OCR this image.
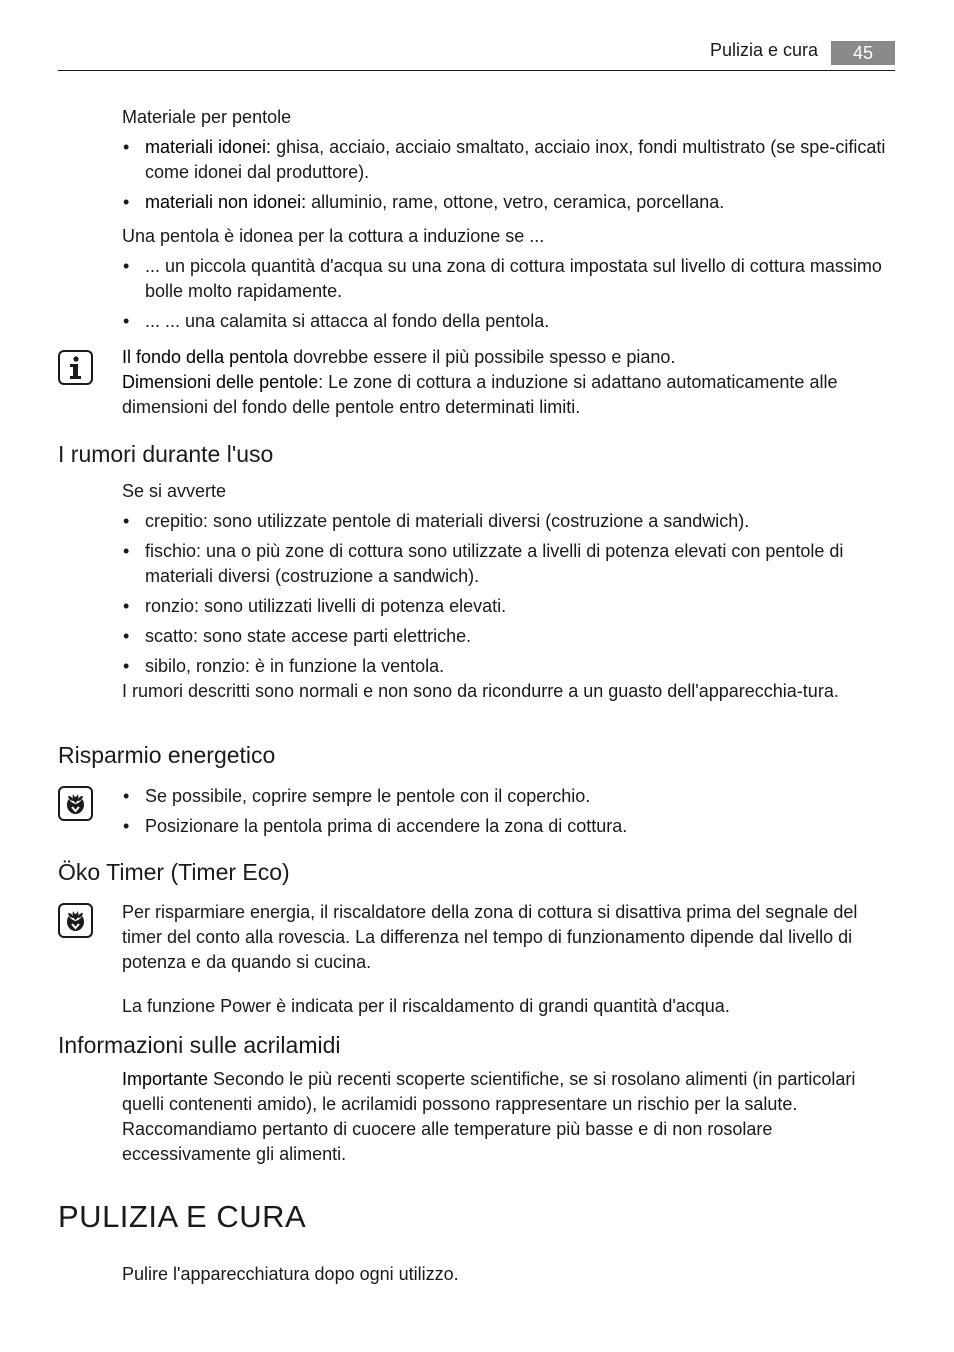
Pulizia e cura	45
Materiale per pentole
• materiali idonei: ghisa, acciaio, acciaio smaltato, acciaio inox, fondi multistrato (se spe-cificati come idonei dal produttore).
• materiali non idonei: alluminio, rame, ottone, vetro, ceramica, porcellana.
Una pentola è idonea per la cottura a induzione se ...
• ... un piccola quantità d'acqua su una zona di cottura impostata sul livello di cottura massimo bolle molto rapidamente.
• ... ... una calamita si attacca al fondo della pentola.
Il fondo della pentola dovrebbe essere il più possibile spesso e piano.
Dimensioni delle pentole: Le zone di cottura a induzione si adattano automaticamente alle dimensioni del fondo delle pentole entro determinati limiti.
I rumori durante l'uso
Se si avverte
• crepitio: sono utilizzate pentole di materiali diversi (costruzione a sandwich).
• fischio: una o più zone di cottura sono utilizzate a livelli di potenza elevati con pentole di materiali diversi (costruzione a sandwich).
• ronzio: sono utilizzati livelli di potenza elevati.
• scatto: sono state accese parti elettriche.
• sibilo, ronzio: è in funzione la ventola.
I rumori descritti sono normali e non sono da ricondurre a un guasto dell'apparecchia-tura.
Risparmio energetico
• Se possibile, coprire sempre le pentole con il coperchio.
• Posizionare la pentola prima di accendere la zona di cottura.
Öko Timer (Timer Eco)
Per risparmiare energia, il riscaldatore della zona di cottura si disattiva prima del segnale del timer del conto alla rovescia. La differenza nel tempo di funzionamento dipende dal livello di potenza e da quando si cucina.
La funzione Power è indicata per il riscaldamento di grandi quantità d'acqua.
Informazioni sulle acrilamidi
Importante Secondo le più recenti scoperte scientifiche, se si rosolano alimenti (in particolari quelli contenenti amido), le acrilamidi possono rappresentare un rischio per la salute. Raccomandiamo pertanto di cuocere alle temperature più basse e di non rosolare eccessivamente gli alimenti.
PULIZIA E CURA
Pulire l'apparecchiatura dopo ogni utilizzo.
